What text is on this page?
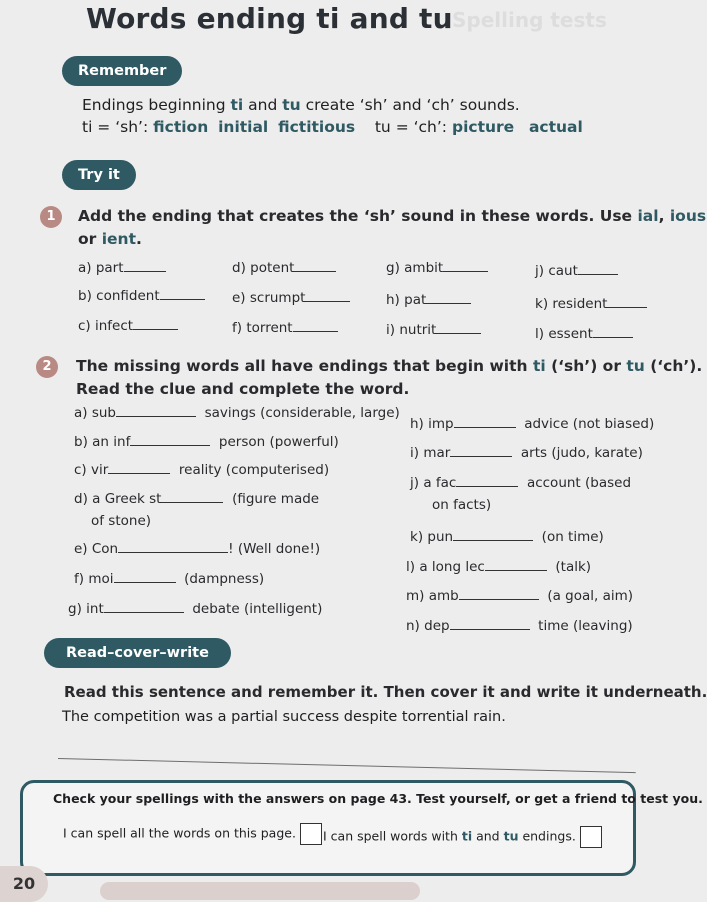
Words ending ti and tu Spelling tests
Remember
Endings beginning ti and tu create ‘sh’ and ‘ch’ sounds.
ti = ‘sh’: fiction initial fictitious tu = ‘ch’: picture actual
Try it
1	Add the ending that creates the ‘sh’ sound in these words. Use ial, ious
or ient.
a) part	d) potent	g) ambit	j) caut
b) confident	e) scrumpt	h) pat	k) resident
c) infect	f) torrent	i) nutrit	l) essent
2	The missing words all have endings that begin with ti (‘sh’) or tu (‘ch’).
Read the clue and complete the word.
a) sub	savings (considerable, large)
b) an inf	person (powerful)
c) vir	reality (computerised)
d) a Greek st	(figure made
of stone)
e) Con	! (Well done!)
f) moi	(dampness)
g) int	debate (intelligent)
h) imp	advice (not biased)
i) mar	arts (judo, karate)
j) a fac	account (based
on facts)
k) pun	(on time)
l) a long lec	(talk)
m) amb	(a goal, aim)
n) dep	time (leaving)
Read–cover–write
Read this sentence and remember it. Then cover it and write it underneath.
The competition was a partial success despite torrential rain.
Check your spellings with the answers on page 43. Test yourself, or get a friend to test you.
I can spell all the words on this page.	I can spell words with ti and tu endings.
20
